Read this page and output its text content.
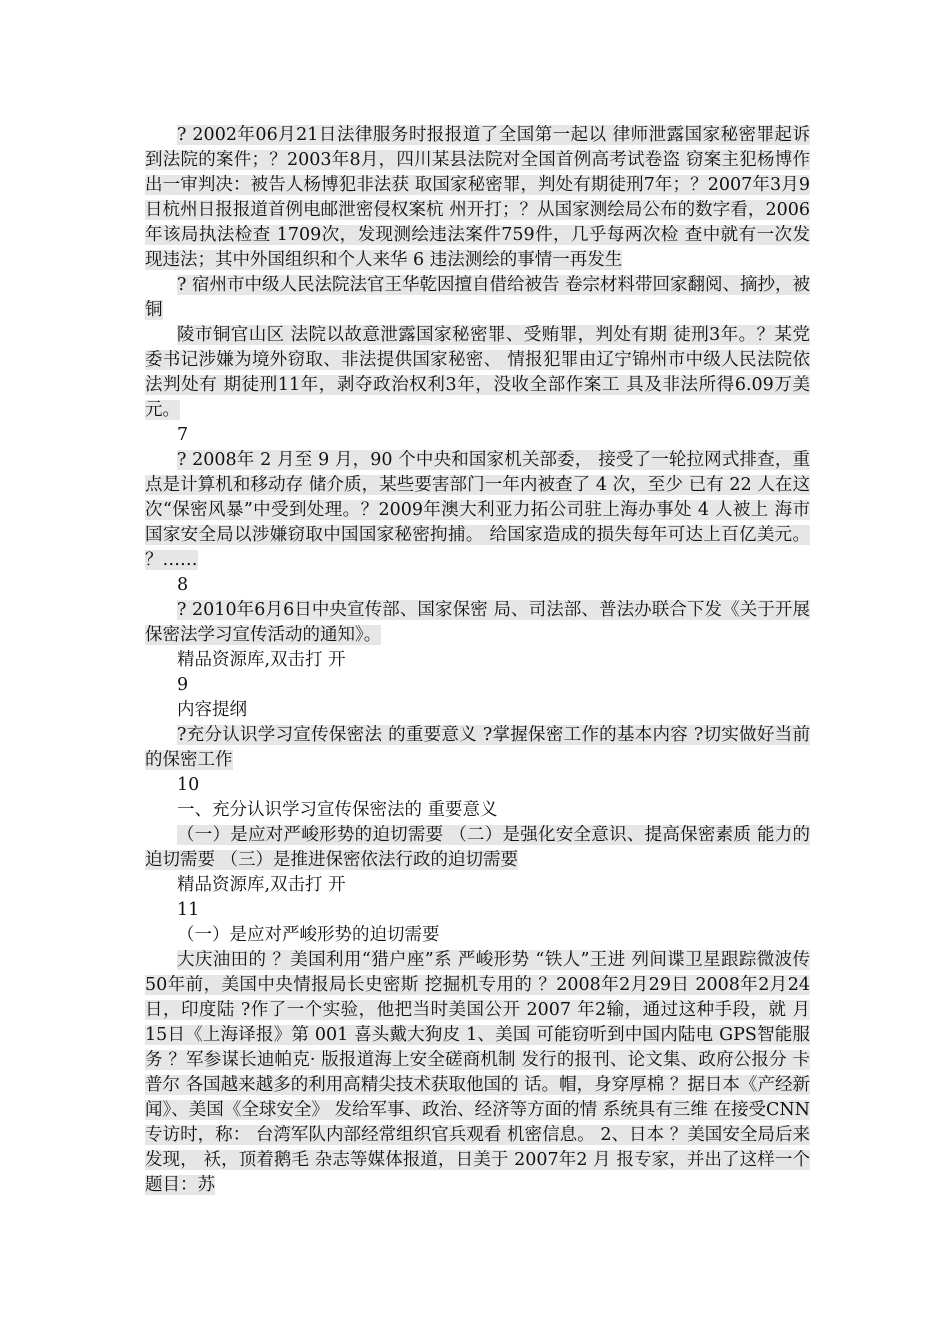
? 2002年06月21日法律服务时报报道了全国第一起以 律师泄露国家秘密罪起诉到法院的案件；？2003年8月，四川某县法院对全国首例高考试卷盗 窃案主犯杨博作出一审判决：被告人杨博犯非法获 取国家秘密罪，判处有期徒刑7年；？2007年3月9日杭州日报报道首例电邮泄密侵权案杭 州开打；？从国家测绘局公布的数字看，2006年该局执法检查 1709次，发现测绘违法案件759件，几乎每两次检 查中就有一次发现违法；其中外国组织和个人来华 6 违法测绘的事情一再发生

? 宿州市中级人民法院法官王华乾因擅自借给被告 卷宗材料带回家翻阅、摘抄，被铜

陵市铜官山区 法院以故意泄露国家秘密罪、受贿罪，判处有期 徒刑3年。？某党委书记涉嫌为境外窃取、非法提供国家秘密、 情报犯罪由辽宁锦州市中级人民法院依法判处有 期徒刑11年，剥夺政治权利3年，没收全部作案工 具及非法所得6.09万美元。

7

? 2008年 2 月至 9 月，90 个中央和国家机关部委， 接受了一轮拉网式排查，重点是计算机和移动存 储介质，某些要害部门一年内被查了 4 次，至少 已有 22 人在这次“保密风暴”中受到处理。？2009年澳大利亚力拓公司驻上海办事处 4 人被上 海市国家安全局以涉嫌窃取中国国家秘密拘捕。 给国家造成的损失每年可达上百亿美元。 ？……

8

? 2010年6月6日中央宣传部、国家保密 局、司法部、普法办联合下发《关于开展保密法学习宣传活动的通知》。

精品资源库,双击打 开

9

内容提纲

?充分认识学习宣传保密法 的重要意义 ?掌握保密工作的基本内容 ?切实做好当前的保密工作

10

一、充分认识学习宣传保密法的 重要意义

（一）是应对严峻形势的迫切需要 （二）是强化安全意识、提高保密素质 能力的迫切需要 （三）是推进保密依法行政的迫切需要

精品资源库,双击打 开

11

（一）是应对严峻形势的迫切需要

大庆油田的 ？美国利用“猎户座”系 严峻形势 “铁人”王进 列间谍卫星跟踪微波传 50年前，美国中央情报局长史密斯 挖掘机专用的 ？2008年2月29日 2008年2月24日，印度陆 ?作了一个实验，他把当时美国公开 2007 年2输，通过这种手段，就 月15日《上海译报》第 001 喜头戴大狗皮 1、美国 可能窃听到中国内陆电 GPS智能服务 ？军参谋长迪帕克· 版报道海上安全磋商机制 发行的报刊、论文集、政府公报分 卡普尔 各国越来越多的利用高精尖技术获取他国的 话。帽，身穿厚棉 ？据日本《产经新闻》、美国《全球安全》 发给军事、政治、经济等方面的情 系统具有三维 在接受CNN专访时，称： 台湾军队内部经常组织官兵观看 机密信息。 2、日本 ？美国安全局后来发现， 袄，顶着鹅毛 杂志等媒体报道，日美于 2007年2 月 报专家，并出了这样一个题目：苏
